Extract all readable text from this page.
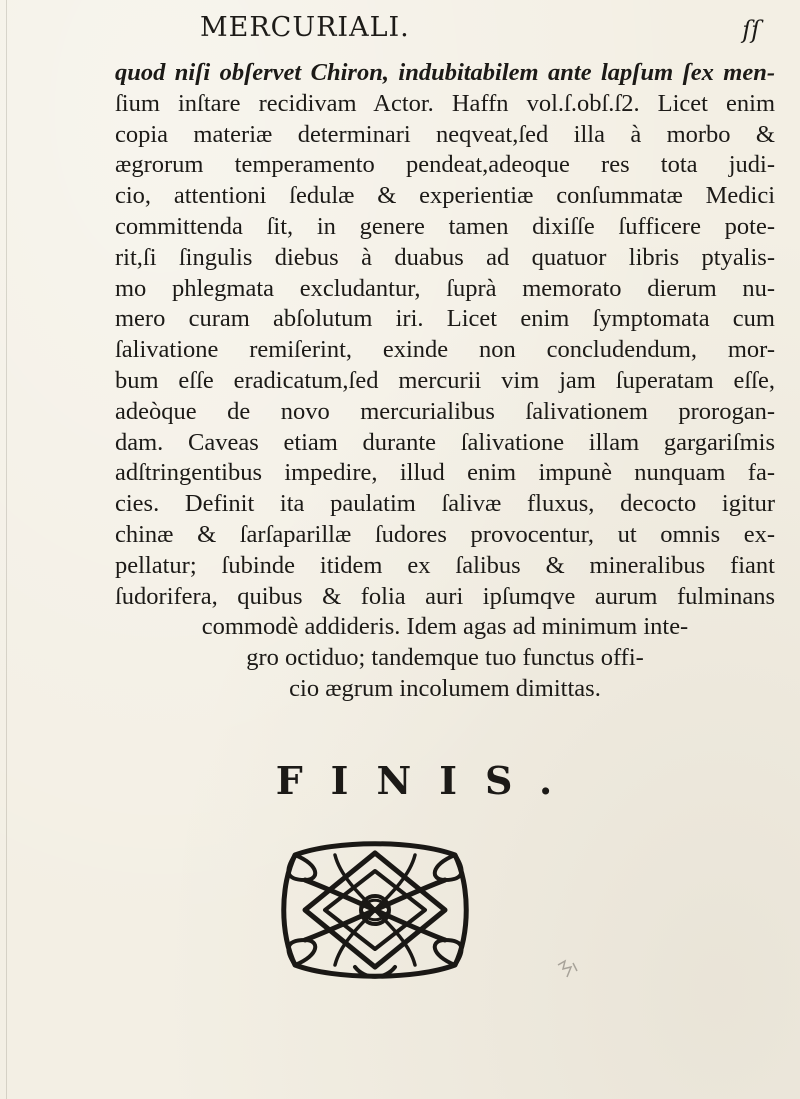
MERCURIALI.	ſſ
quod niſi obſervet Chiron, indubitabilem ante lapſum ſex men-
ſium inſtare recidivam Actor. Haffn vol.ſ.obſ.ſ2. Licet enim
copia materiæ determinari neqveat,ſed illa à morbo &
ægrorum temperamento pendeat,adeoque res tota judi-
cio, attentioni ſedulæ & experientiæ conſummatæ Medici
committenda ſit, in genere tamen dixiſſe ſufficere pote-
rit,ſi ſingulis diebus à duabus ad quatuor libris ptyalis-
mo phlegmata excludantur, ſuprà memorato dierum nu-
mero curam abſolutum iri. Licet enim ſymptomata cum
ſalivatione remiſerint, exinde non concludendum, mor-
bum eſſe eradicatum,ſed mercurii vim jam ſuperatam eſſe,
adeòque de novo mercurialibus ſalivationem prorogan-
dam. Caveas etiam durante ſalivatione illam gargariſmis
adſtringentibus impedire, illud enim impunè nunquam fa-
cies. Definit ita paulatim ſalivæ fluxus, decocto igitur
chinæ & ſarſaparillæ ſudores provocentur, ut omnis ex-
pellatur; ſubinde itidem ex ſalibus & mineralibus fiant
ſudorifera, quibus & folia auri ipſumqve aurum fulminans
commodè addideris. Idem agas ad minimum inte-
gro octiduo; tandemque tuo functus offi-
cio ægrum incolumem dimittas.
FINIS.
